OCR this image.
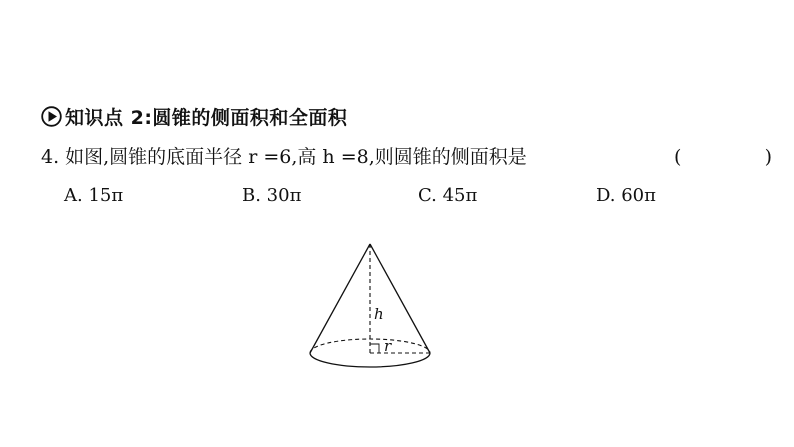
知识点 2:圆锥的侧面积和全面积
4. 如图,圆锥的底面半径 r =6,高 h =8,则圆锥的侧面积是	(	)
A. 15π	B. 30π	C. 45π	D. 60π
h
r
